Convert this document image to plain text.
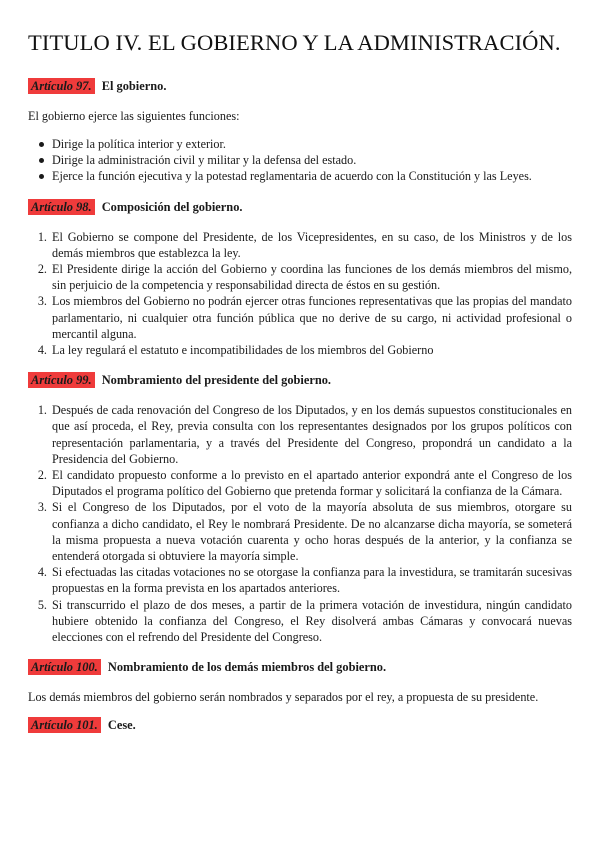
TITULO IV. EL GOBIERNO Y LA ADMINISTRACIÓN.
Artículo 97. El gobierno.

El gobierno ejerce las siguientes funciones:

Dirige la política interior y exterior.
Dirige la administración civil y militar y la defensa del estado.
Ejerce la función ejecutiva y la potestad reglamentaria de acuerdo con la Constitución y las Leyes.
Artículo 98. Composición del gobierno.
1. El Gobierno se compone del Presidente, de los Vicepresidentes, en su caso, de los Ministros y de los demás miembros que establezca la ley.
2. El Presidente dirige la acción del Gobierno y coordina las funciones de los demás miembros del mismo, sin perjuicio de la competencia y responsabilidad directa de éstos en su gestión.
3. Los miembros del Gobierno no podrán ejercer otras funciones representativas que las propias del mandato parlamentario, ni cualquier otra función pública que no derive de su cargo, ni actividad profesional o mercantil alguna.
4. La ley regulará el estatuto e incompatibilidades de los miembros del Gobierno
Artículo 99. Nombramiento del presidente del gobierno.
1. Después de cada renovación del Congreso de los Diputados, y en los demás supuestos constitucionales en que así proceda, el Rey, previa consulta con los representantes designados por los grupos políticos con representación parlamentaria, y a través del Presidente del Congreso, propondrá un candidato a la Presidencia del Gobierno.
2. El candidato propuesto conforme a lo previsto en el apartado anterior expondrá ante el Congreso de los Diputados el programa político del Gobierno que pretenda formar y solicitará la confianza de la Cámara.
3. Si el Congreso de los Diputados, por el voto de la mayoría absoluta de sus miembros, otorgare su confianza a dicho candidato, el Rey le nombrará Presidente. De no alcanzarse dicha mayoría, se someterá la misma propuesta a nueva votación cuarenta y ocho horas después de la anterior, y la confianza se entenderá otorgada si obtuviere la mayoría simple.
4. Si efectuadas las citadas votaciones no se otorgase la confianza para la investidura, se tramitarán sucesivas propuestas en la forma prevista en los apartados anteriores.
5. Si transcurrido el plazo de dos meses, a partir de la primera votación de investidura, ningún candidato hubiere obtenido la confianza del Congreso, el Rey disolverá ambas Cámaras y convocará nuevas elecciones con el refrendo del Presidente del Congreso.
Artículo 100. Nombramiento de los demás miembros del gobierno.

Los demás miembros del gobierno serán nombrados y separados por el rey, a propuesta de su presidente.

Artículo 101. Cese.
